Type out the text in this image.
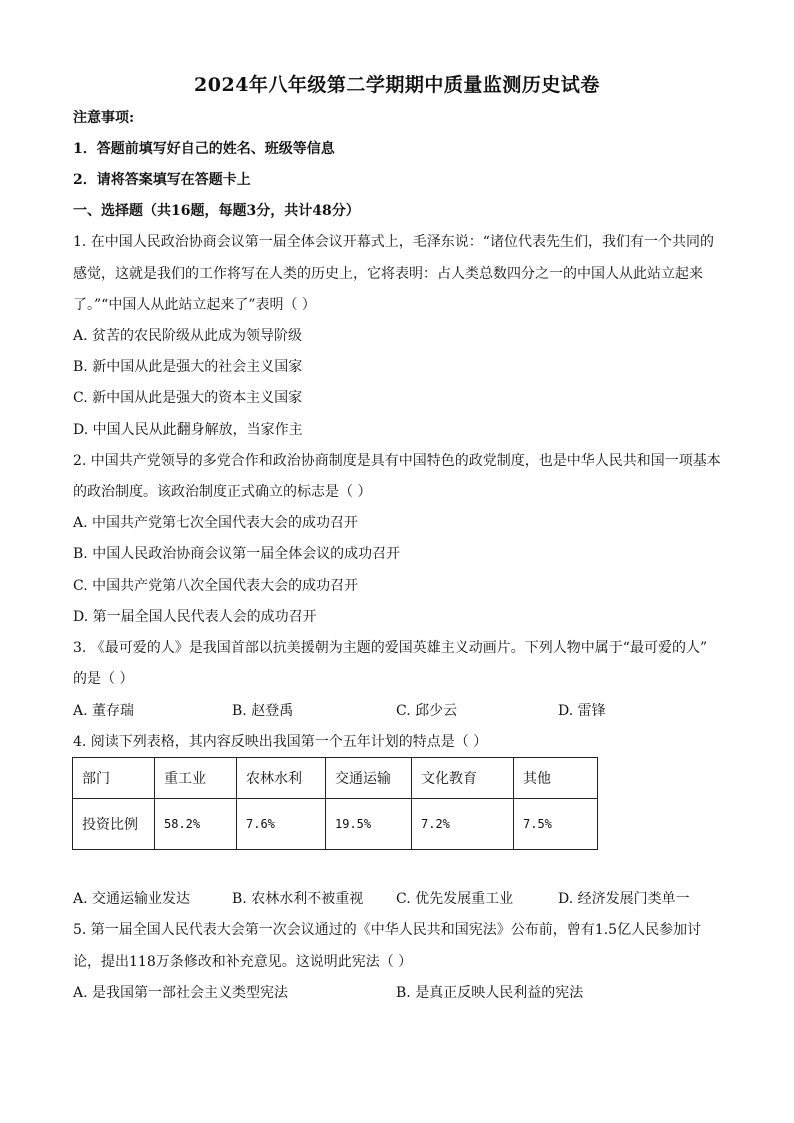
2024年八年级第二学期期中质量监测历史试卷
注意事项:
1．答题前填写好自己的姓名、班级等信息
2．请将答案填写在答题卡上
一、选择题（共16题，每题3分，共计48分）
1. 在中国人民政治协商会议第一届全体会议开幕式上，毛泽东说：“诸位代表先生们，我们有一个共同的
感觉，这就是我们的工作将写在人类的历史上，它将表明：占人类总数四分之一的中国人从此站立起来
了。”“中国人从此站立起来了”表明（ ）
A. 贫苦的农民阶级从此成为领导阶级
B. 新中国从此是强大的社会主义国家
C. 新中国从此是强大的资本主义国家
D. 中国人民从此翻身解放，当家作主
2. 中国共产党领导的多党合作和政治协商制度是具有中国特色的政党制度，也是中华人民共和国一项基本
的政治制度。该政治制度正式确立的标志是（ ）
A. 中国共产党第七次全国代表大会的成功召开
B. 中国人民政治协商会议第一届全体会议的成功召开
C. 中国共产党第八次全国代表大会的成功召开
D. 第一届全国人民代表人会的成功召开
3. 《最可爱的人》是我国首部以抗美援朝为主题的爱国英雄主义动画片。下列人物中属于“最可爱的人”
的是（ ）
A. 董存瑞	B. 赵登禹	C. 邱少云	D. 雷锋
4. 阅读下列表格，其内容反映出我国第一个五年计划的特点是（ ）
部门	重工业	农林水利	交通运输	文化教育	其他
投资比例	58.2%	7.6%	19.5%	7.2%	7.5%
A. 交通运输业发达	B. 农林水利不被重视 C. 优先发展重工业	D. 经济发展门类单一
5. 第一届全国人民代表大会第一次会议通过的《中华人民共和国宪法》公布前，曾有1.5亿人民参加讨
论，提出118万条修改和补充意见。这说明此宪法（ ）
A. 是我国第一部社会主义类型宪法	B. 是真正反映人民利益的宪法
